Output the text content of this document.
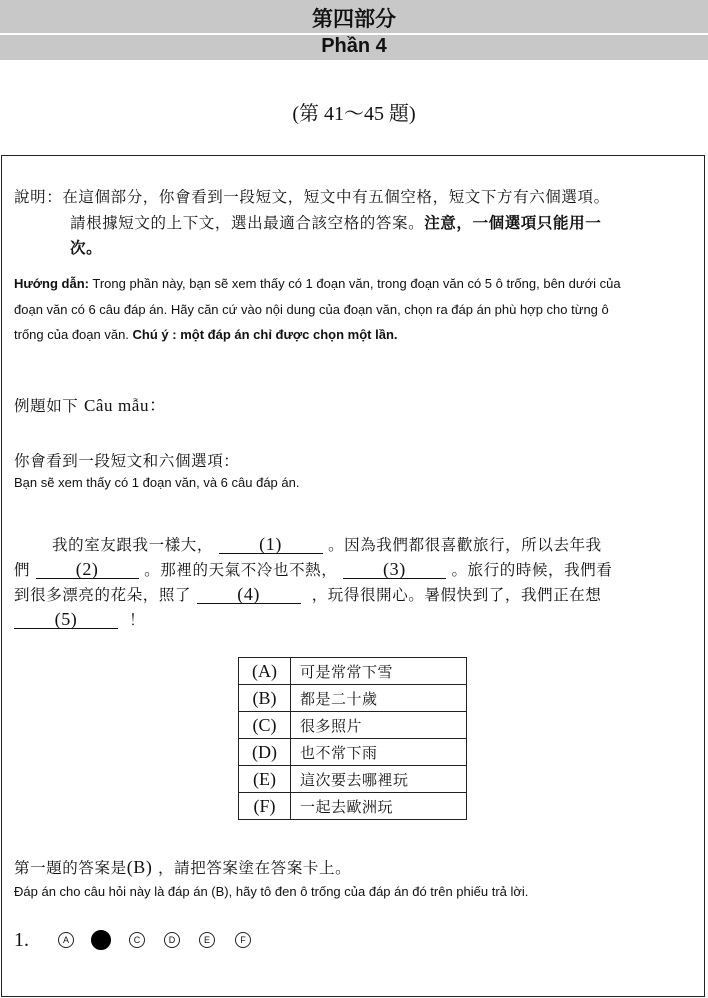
第四部分
Phần 4
(第 41～45 題)
說明：在這個部分，你會看到一段短文，短文中有五個空格，短文下方有六個選項。
請根據短文的上下文，選出最適合該空格的答案。注意，一個選項只能用一
次。
Hướng dẫn: Trong phần này, bạn sẽ xem thấy có 1 đoạn văn, trong đoạn văn có 5 ô trống, bên dưới của
đoạn văn có 6 câu đáp án. Hãy căn cứ vào nội dung của đoạn văn, chọn ra đáp án phù hợp cho từng ô
trống của đoạn văn. Chú ý : một đáp án chỉ được chọn một lần.
例題如下 Câu mẫu：
你會看到一段短文和六個選項：
Bạn sẽ xem thấy có 1 đoạn văn, và 6 câu đáp án.
我的室友跟我一樣大，	(1)	。因為我們都很喜歡旅行，所以去年我
們	(2)	。那裡的天氣不冷也不熱，	(3)	。旅行的時候，我們看
到很多漂亮的花朵，照了	(4)	，玩得很開心。暑假快到了，我們正在想
(5)	！
(A)	可是常常下雪
(B)	都是二十歲
(C)	很多照片
(D)	也不常下雨
(E)	這次要去哪裡玩
(F)	一起去歐洲玩
第一題的答案是(B) ，請把答案塗在答案卡上。
Đáp án cho câu hỏi này là đáp án (B), hãy tô đen ô trống của đáp án đó trên phiếu trả lời.
1.	A	C	D	E	F
